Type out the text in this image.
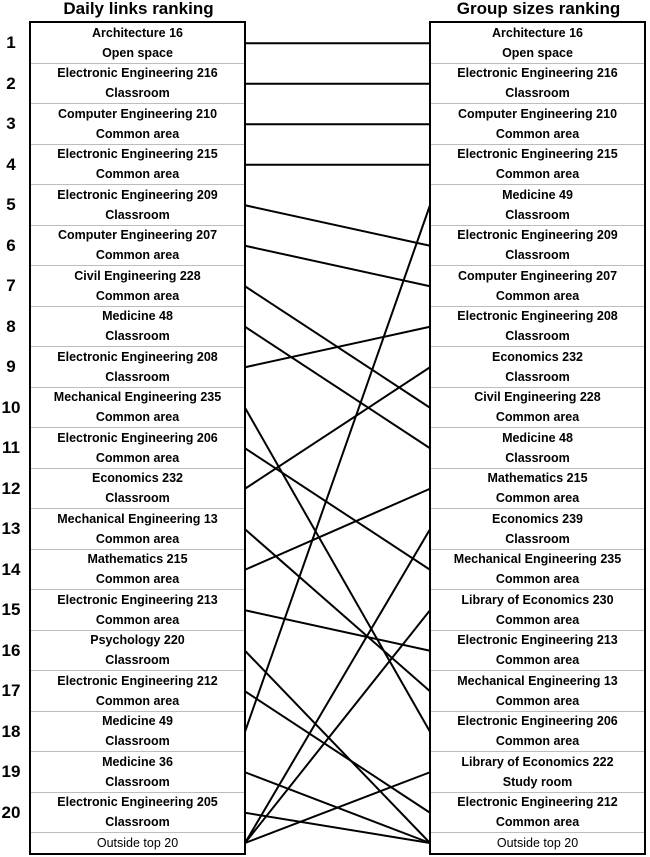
Daily links ranking	Group sizes ranking
1
2
3
4
5
6
7
8
9
10
11
12
13
14
15
16
17
18
19
20
Architecture 16
Open space
Electronic Engineering 216
Classroom
Computer Engineering 210
Common area
Electronic Engineering 215
Common area
Electronic Engineering 209
Classroom
Computer Engineering 207
Common area
Civil Engineering 228
Common area
Medicine 48
Classroom
Electronic Engineering 208
Classroom
Mechanical Engineering 235
Common area
Electronic Engineering 206
Common area
Economics 232
Classroom
Mechanical Engineering 13
Common area
Mathematics 215
Common area
Electronic Engineering 213
Common area
Psychology 220
Classroom
Electronic Engineering 212
Common area
Medicine 49
Classroom
Medicine 36
Classroom
Electronic Engineering 205
Classroom
Outside top 20
Architecture 16
Open space
Electronic Engineering 216
Classroom
Computer Engineering 210
Common area
Electronic Engineering 215
Common area
Medicine 49
Classroom
Electronic Engineering 209
Classroom
Computer Engineering 207
Common area
Electronic Engineering 208
Classroom
Economics 232
Classroom
Civil Engineering 228
Common area
Medicine 48
Classroom
Mathematics 215
Common area
Economics 239
Classroom
Mechanical Engineering 235
Common area
Library of Economics 230
Common area
Electronic Engineering 213
Common area
Mechanical Engineering 13
Common area
Electronic Engineering 206
Common area
Library of Economics 222
Study room
Electronic Engineering 212
Common area
Outside top 20
